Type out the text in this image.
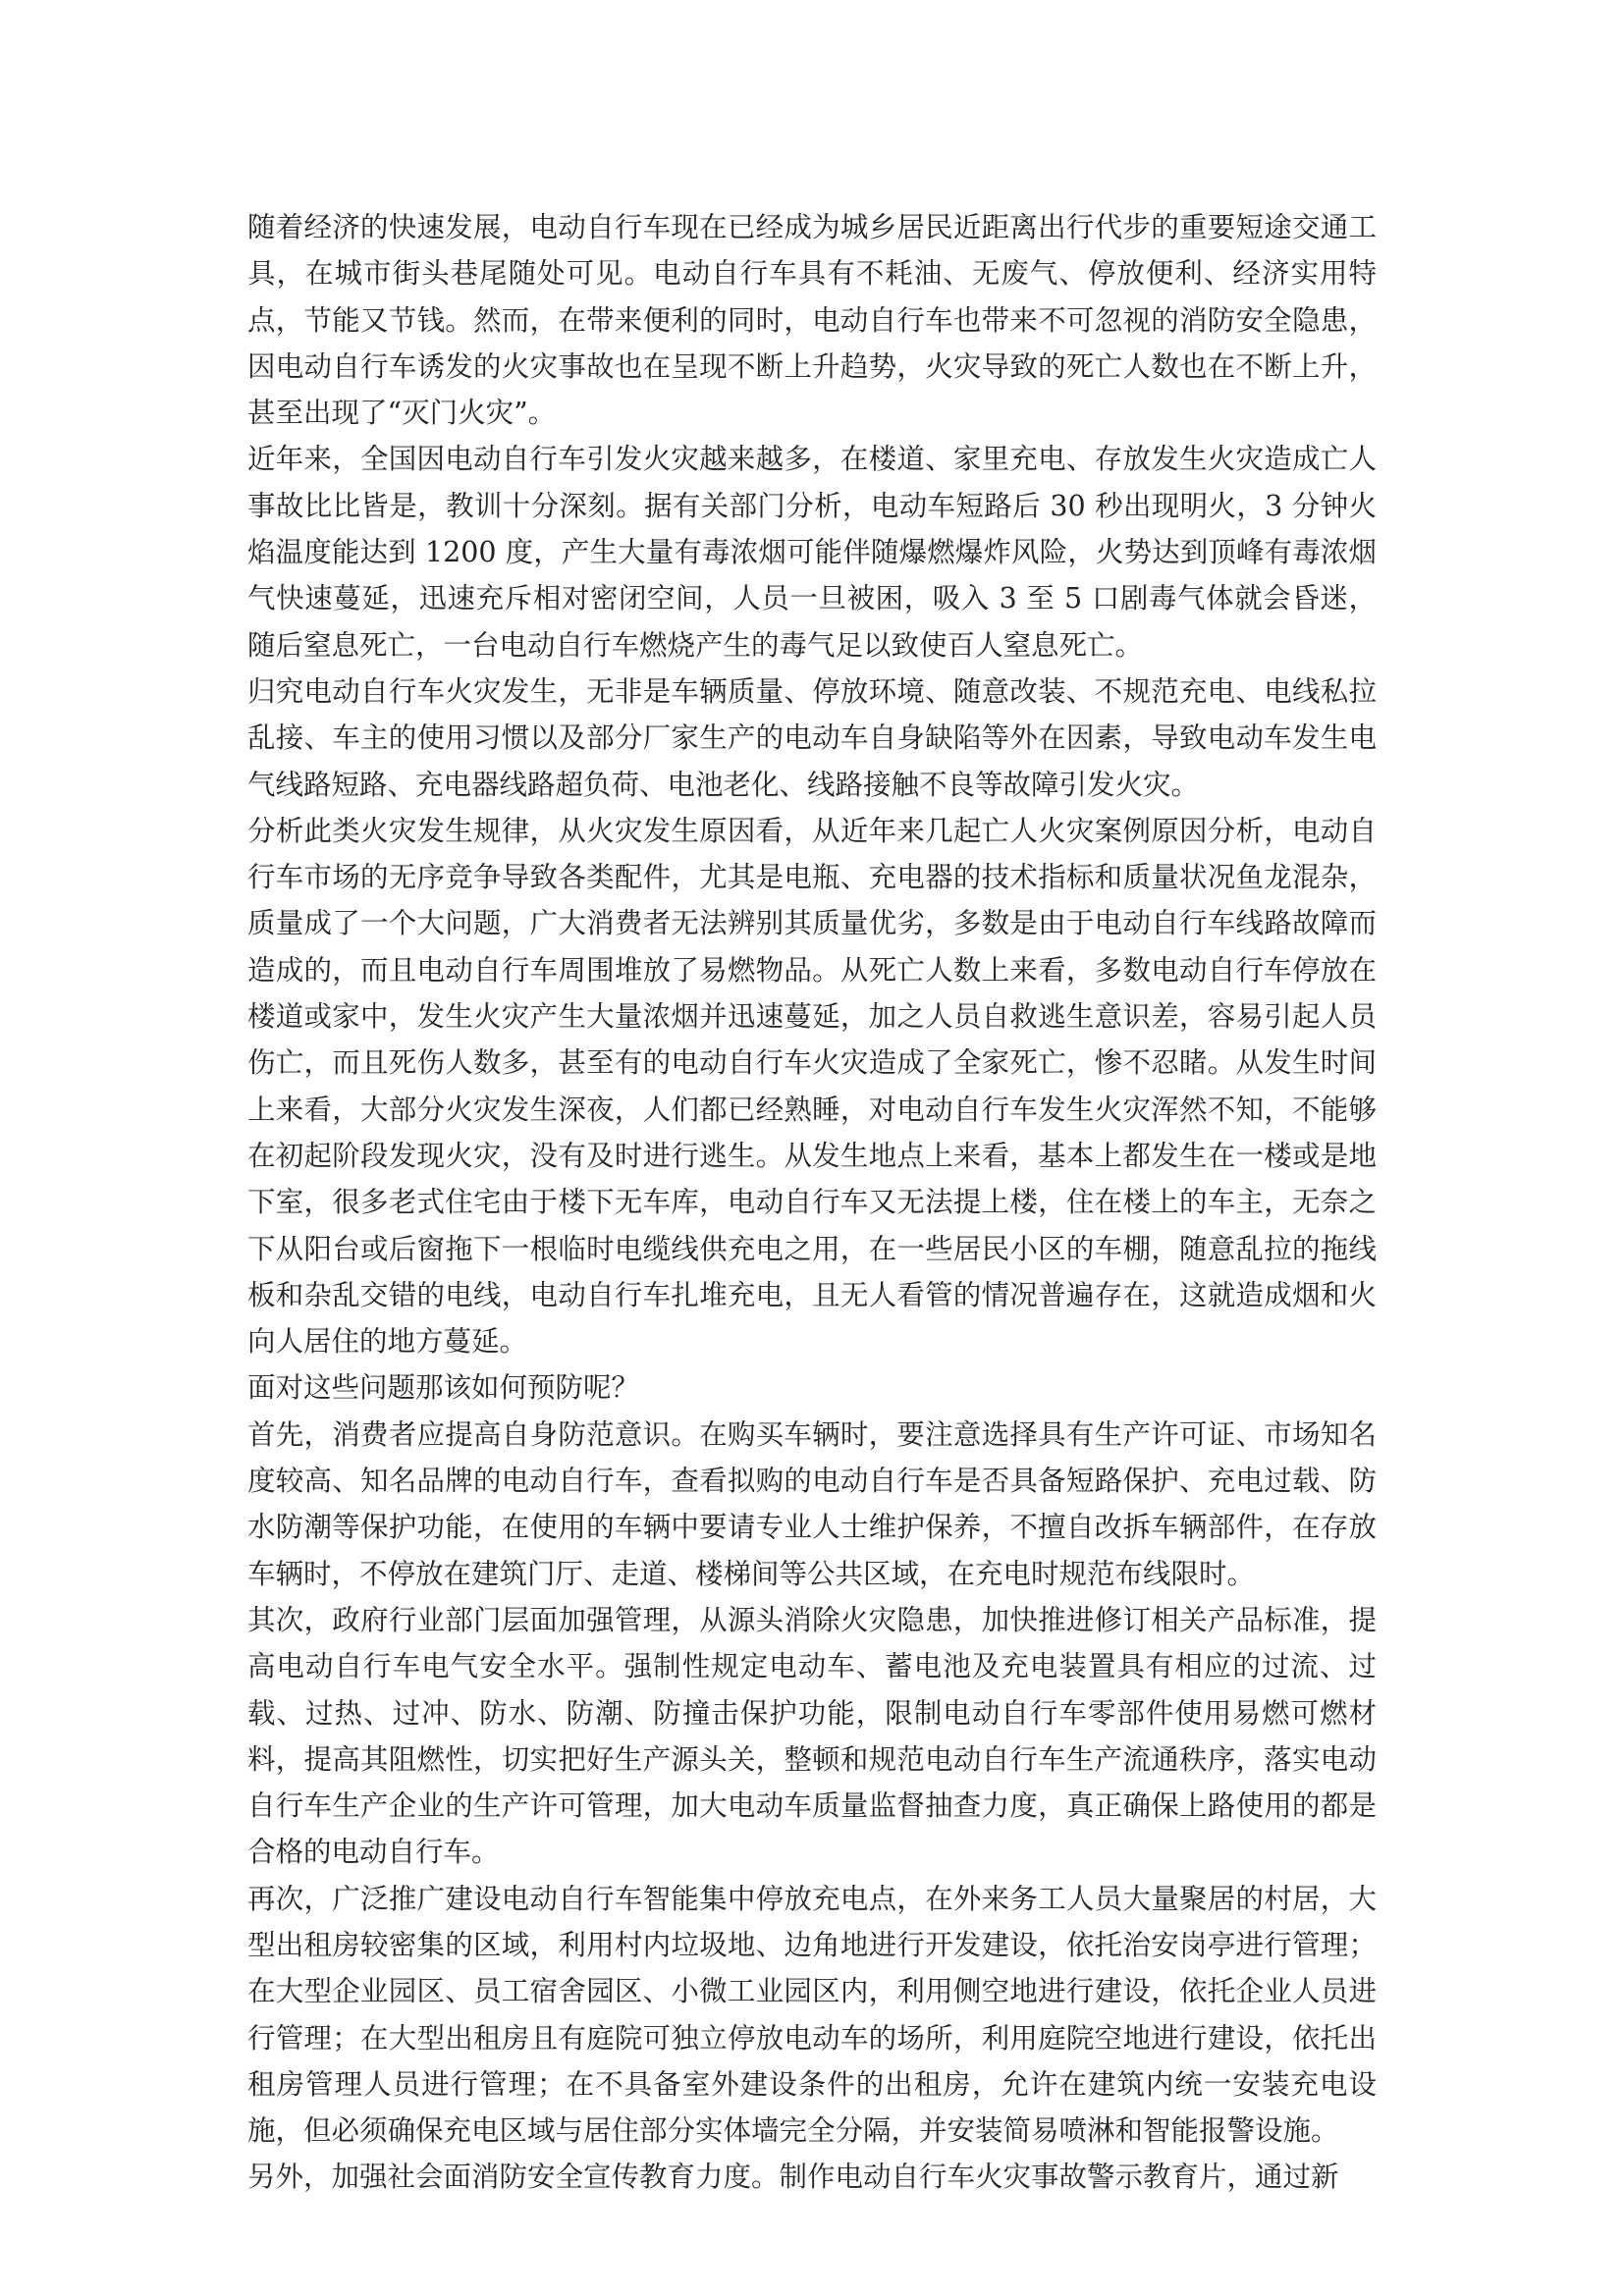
随着经济的快速发展，电动自行车现在已经成为城乡居民近距离出行代步的重要短途交通工具，在城市街头巷尾随处可见。电动自行车具有不耗油、无废气、停放便利、经济实用特点，节能又节钱。然而，在带来便利的同时，电动自行车也带来不可忽视的消防安全隐患，因电动自行车诱发的火灾事故也在呈现不断上升趋势，火灾导致的死亡人数也在不断上升，甚至出现了“灭门火灾”。

近年来，全国因电动自行车引发火灾越来越多，在楼道、家里充电、存放发生火灾造成亡人事故比比皆是，教训十分深刻。据有关部门分析，电动车短路后 30 秒出现明火，3 分钟火焰温度能达到 1200 度，产生大量有毒浓烟可能伴随爆燃爆炸风险，火势达到顶峰有毒浓烟气快速蔓延，迅速充斥相对密闭空间，人员一旦被困，吸入 3 至 5 口剧毒气体就会昏迷，随后窒息死亡，一台电动自行车燃烧产生的毒气足以致使百人窒息死亡。

归究电动自行车火灾发生，无非是车辆质量、停放环境、随意改装、不规范充电、电线私拉乱接、车主的使用习惯以及部分厂家生产的电动车自身缺陷等外在因素，导致电动车发生电气线路短路、充电器线路超负荷、电池老化、线路接触不良等故障引发火灾。

分析此类火灾发生规律，从火灾发生原因看，从近年来几起亡人火灾案例原因分析，电动自行车市场的无序竞争导致各类配件，尤其是电瓶、充电器的技术指标和质量状况鱼龙混杂，质量成了一个大问题，广大消费者无法辨别其质量优劣，多数是由于电动自行车线路故障而造成的，而且电动自行车周围堆放了易燃物品。从死亡人数上来看，多数电动自行车停放在楼道或家中，发生火灾产生大量浓烟并迅速蔓延，加之人员自救逃生意识差，容易引起人员伤亡，而且死伤人数多，甚至有的电动自行车火灾造成了全家死亡，惨不忍睹。从发生时间上来看，大部分火灾发生深夜，人们都已经熟睡，对电动自行车发生火灾浑然不知，不能够在初起阶段发现火灾，没有及时进行逃生。从发生地点上来看，基本上都发生在一楼或是地下室，很多老式住宅由于楼下无车库，电动自行车又无法提上楼，住在楼上的车主，无奈之下从阳台或后窗拖下一根临时电缆线供充电之用，在一些居民小区的车棚，随意乱拉的拖线板和杂乱交错的电线，电动自行车扎堆充电，且无人看管的情况普遍存在，这就造成烟和火向人居住的地方蔓延。

面对这些问题那该如何预防呢？

首先，消费者应提高自身防范意识。在购买车辆时，要注意选择具有生产许可证、市场知名度较高、知名品牌的电动自行车，查看拟购的电动自行车是否具备短路保护、充电过载、防水防潮等保护功能，在使用的车辆中要请专业人士维护保养，不擅自改拆车辆部件，在存放车辆时，不停放在建筑门厅、走道、楼梯间等公共区域，在充电时规范布线限时。

其次，政府行业部门层面加强管理，从源头消除火灾隐患，加快推进修订相关产品标准，提高电动自行车电气安全水平。强制性规定电动车、蓄电池及充电装置具有相应的过流、过载、过热、过冲、防水、防潮、防撞击保护功能，限制电动自行车零部件使用易燃可燃材料，提高其阻燃性，切实把好生产源头关，整顿和规范电动自行车生产流通秩序，落实电动自行车生产企业的生产许可管理，加大电动车质量监督抽查力度，真正确保上路使用的都是合格的电动自行车。

再次，广泛推广建设电动自行车智能集中停放充电点，在外来务工人员大量聚居的村居，大型出租房较密集的区域，利用村内垃圾地、边角地进行开发建设，依托治安岗亭进行管理；在大型企业园区、员工宿舍园区、小微工业园区内，利用侧空地进行建设，依托企业人员进行管理；在大型出租房且有庭院可独立停放电动车的场所，利用庭院空地进行建设，依托出租房管理人员进行管理；在不具备室外建设条件的出租房，允许在建筑内统一安装充电设施，但必须确保充电区域与居住部分实体墙完全分隔，并安装简易喷淋和智能报警设施。

另外，加强社会面消防安全宣传教育力度。制作电动自行车火灾事故警示教育片，通过新
